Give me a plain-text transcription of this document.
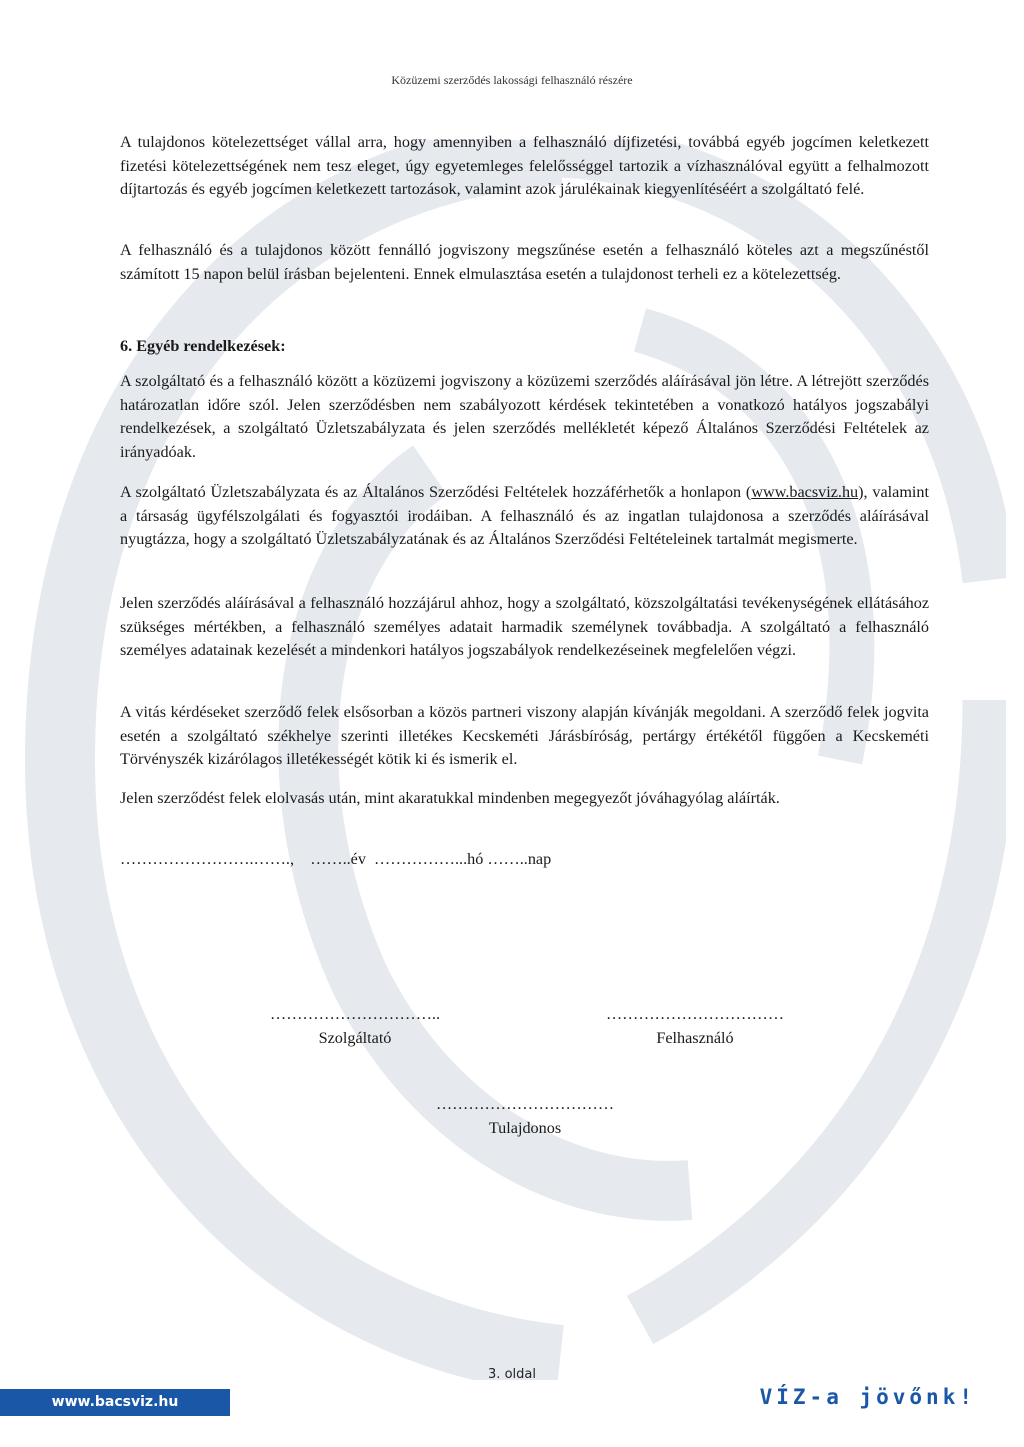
Közüzemi szerződés lakossági felhasználó részére

A tulajdonos kötelezettséget vállal arra, hogy amennyiben a felhasználó díjfizetési, továbbá egyéb jogcímen keletkezett fizetési kötelezettségének nem tesz eleget, úgy egyetemleges felelősséggel tartozik a vízhasználóval együtt a felhalmozott díjtartozás és egyéb jogcímen keletkezett tartozások, valamint azok járulékainak kiegyenlítéséért a szolgáltató felé.

A felhasználó és a tulajdonos között fennálló jogviszony megszűnése esetén a felhasználó köteles azt a megszűnéstől számított 15 napon belül írásban bejelenteni. Ennek elmulasztása esetén a tulajdonost terheli ez a kötelezettség.

6. Egyéb rendelkezések:

A szolgáltató és a felhasználó között a közüzemi jogviszony a közüzemi szerződés aláírásával jön létre. A létrejött szerződés határozatlan időre szól. Jelen szerződésben nem szabályozott kérdések tekintetében a vonatkozó hatályos jogszabályi rendelkezések, a szolgáltató Üzletszabályzata és jelen szerződés mellékletét képező Általános Szerződési Feltételek az irányadóak.

A szolgáltató Üzletszabályzata és az Általános Szerződési Feltételek hozzáférhetők a honlapon (www.bacsviz.hu), valamint a társaság ügyfélszolgálati és fogyasztói irodáiban. A felhasználó és az ingatlan tulajdonosa a szerződés aláírásával nyugtázza, hogy a szolgáltató Üzletszabályzatának és az Általános Szerződési Feltételeinek tartalmát megismerte.

Jelen szerződés aláírásával a felhasználó hozzájárul ahhoz, hogy a szolgáltató, közszolgáltatási tevékenységének ellátásához szükséges mértékben, a felhasználó személyes adatait harmadik személynek továbbadja. A szolgáltató a felhasználó személyes adatainak kezelését a mindenkori hatályos jogszabályok rendelkezéseinek megfelelően végzi.

A vitás kérdéseket szerződő felek elsősorban a közös partneri viszony alapján kívánják megoldani. A szerződő felek jogvita esetén a szolgáltató székhelye szerinti illetékes Kecskeméti Járásbíróság, pertárgy értékétől függően a Kecskeméti Törvényszék kizárólagos illetékességét kötik ki és ismerik el.

Jelen szerződést felek elolvasás után, mint akaratukkal mindenben megegyezőt jóváhagyólag aláírták.

…………………….…….,    ……..év  ……………...hó ……..nap
…………………………..
Szolgáltató
……………………………
Felhasználó
……………………………
Tulajdonos
3. oldal
www.bacsviz.hu	VÍZ-a jövőnk!
